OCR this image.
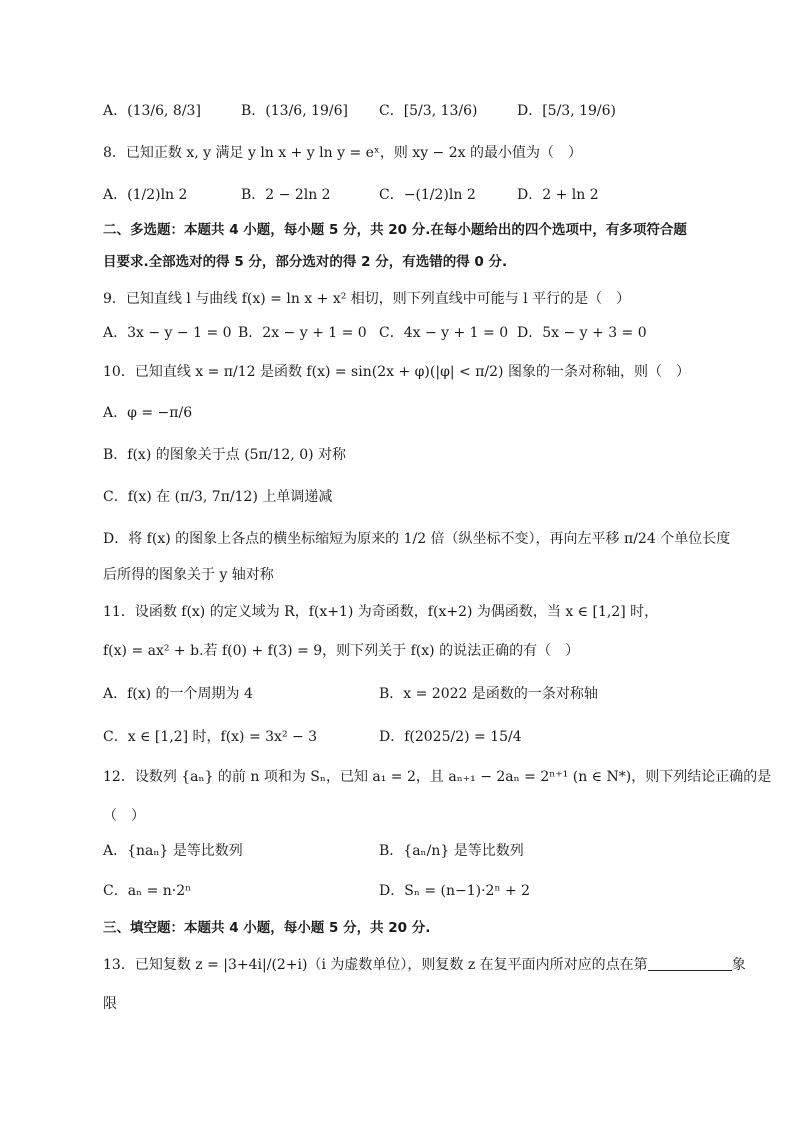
A．(13/6, 8/3]	B．(13/6, 19/6] C．[5/3, 13/6)	D．[5/3, 19/6)
8．已知正数 x, y 满足 y ln x + y ln y = eˣ，则 xy − 2x 的最小值为（　）
A．(1/2)ln 2	B．2 − 2ln 2	C．−(1/2)ln 2	D．2 + ln 2
二、多选题：本题共 4 小题，每小题 5 分，共 20 分.在每小题给出的四个选项中，有多项符合题
目要求.全部选对的得 5 分，部分选对的得 2 分，有选错的得 0 分.
9．已知直线 l 与曲线 f(x) = ln x + x² 相切，则下列直线中可能与 l 平行的是（　）
A．3x − y − 1 = 0 B．2x − y + 1 = 0 C．4x − y + 1 = 0 D．5x − y + 3 = 0
10．已知直线 x = π/12 是函数 f(x) = sin(2x + φ)(|φ| < π/2) 图象的一条对称轴，则（　）
A．φ = −π/6
B．f(x) 的图象关于点 (5π/12, 0) 对称
C．f(x) 在 (π/3, 7π/12) 上单调递减
D．将 f(x) 的图象上各点的横坐标缩短为原来的 1/2 倍（纵坐标不变），再向左平移 π/24 个单位长度
后所得的图象关于 y 轴对称
11．设函数 f(x) 的定义域为 R，f(x+1) 为奇函数，f(x+2) 为偶函数，当 x ∈ [1,2] 时，
f(x) = ax² + b.若 f(0) + f(3) = 9，则下列关于 f(x) 的说法正确的有（　）
A．f(x) 的一个周期为 4	B．x = 2022 是函数的一条对称轴
C．x ∈ [1,2] 时，f(x) = 3x² − 3	D．f(2025/2) = 15/4
12．设数列 {aₙ} 的前 n 项和为 Sₙ，已知 a₁ = 2，且 aₙ₊₁ − 2aₙ = 2ⁿ⁺¹ (n ∈ N*)，则下列结论正确的是
（　）
A．{naₙ} 是等比数列	B．{aₙ/n} 是等比数列
C．aₙ = n·2ⁿ	D．Sₙ = (n−1)·2ⁿ + 2
三、填空题：本题共 4 小题，每小题 5 分，共 20 分.
13．已知复数 z = |3+4i|/(2+i)（i 为虚数单位），则复数 z 在复平面内所对应的点在第	象
限
